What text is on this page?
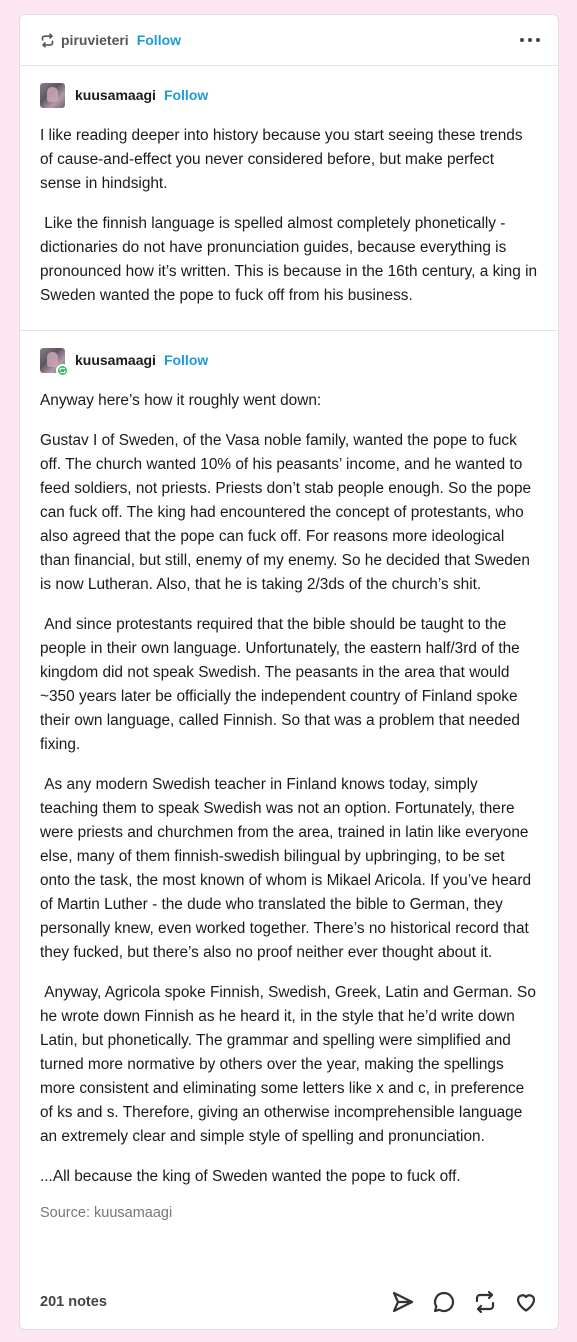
piruvieteri Follow
kuusamaagi Follow

I like reading deeper into history because you start seeing these trends of cause-and-effect you never considered before, but make perfect sense in hindsight.

Like the finnish language is spelled almost completely phonetically - dictionaries do not have pronunciation guides, because everything is pronounced how it’s written. This is because in the 16th century, a king in Sweden wanted the pope to fuck off from his business.

kuusamaagi Follow

Anyway here’s how it roughly went down:

Gustav I of Sweden, of the Vasa noble family, wanted the pope to fuck off. The church wanted 10% of his peasants’ income, and he wanted to feed soldiers, not priests. Priests don’t stab people enough. So the pope can fuck off. The king had encountered the concept of protestants, who also agreed that the pope can fuck off. For reasons more ideological than financial, but still, enemy of my enemy. So he decided that Sweden is now Lutheran. Also, that he is taking 2/3ds of the church’s shit.

And since protestants required that the bible should be taught to the people in their own language. Unfortunately, the eastern half/3rd of the kingdom did not speak Swedish. The peasants in the area that would ~350 years later be officially the independent country of Finland spoke their own language, called Finnish. So that was a problem that needed fixing.

As any modern Swedish teacher in Finland knows today, simply teaching them to speak Swedish was not an option. Fortunately, there were priests and churchmen from the area, trained in latin like everyone else, many of them finnish-swedish bilingual by upbringing, to be set onto the task, the most known of whom is Mikael Aricola. If you’ve heard of Martin Luther - the dude who translated the bible to German, they personally knew, even worked together. There’s no historical record that they fucked, but there’s also no proof neither ever thought about it.

Anyway, Agricola spoke Finnish, Swedish, Greek, Latin and German. So he wrote down Finnish as he heard it, in the style that he’d write down Latin, but phonetically. The grammar and spelling were simplified and turned more normative by others over the year, making the spellings more consistent and eliminating some letters like x and c, in preference of ks and s. Therefore, giving an otherwise incomprehensible language an extremely clear and simple style of spelling and pronunciation.

...All because the king of Sweden wanted the pope to fuck off.

Source: kuusamaagi
201 notes
